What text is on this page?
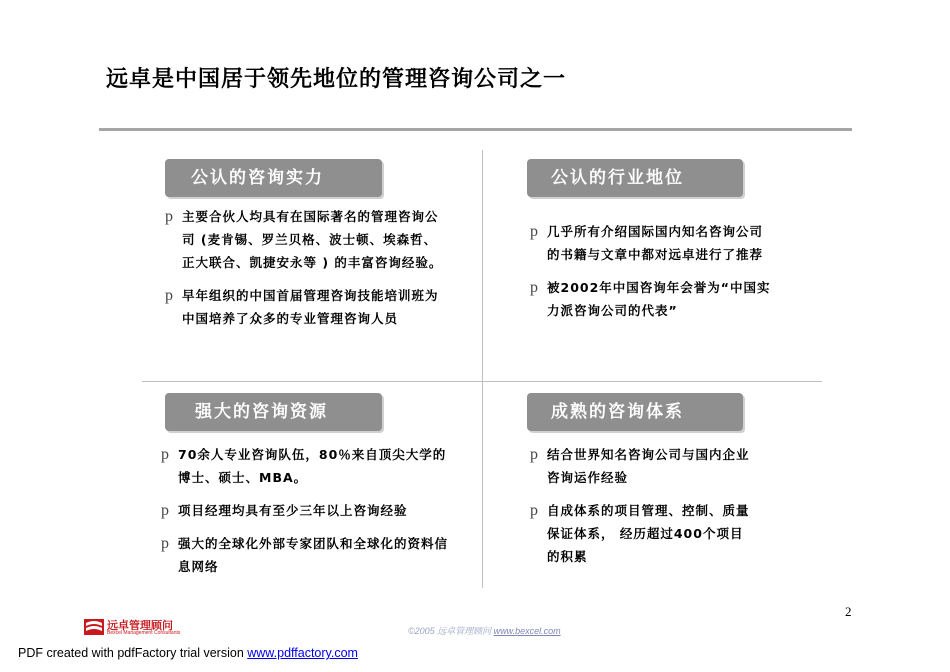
远卓是中国居于领先地位的管理咨询公司之一
公认的咨询实力
p 主要合伙人均具有在国际著名的管理咨询公司 (麦肯锡、罗兰贝格、波士顿、埃森哲、正大联合、凯捷安永等 ) 的丰富咨询经验。
p 早年组织的中国首届管理咨询技能培训班为中国培养了众多的专业管理咨询人员
公认的行业地位
p 几乎所有介绍国际国内知名咨询公司的书籍与文章中都对远卓进行了推荐
p 被2002年中国咨询年会誉为“中国实力派咨询公司的代表”
强大的咨询资源
p 70余人专业咨询队伍，80％来自顶尖大学的博士、硕士、MBA。
p 项目经理均具有至少三年以上咨询经验
p 强大的全球化外部专家团队和全球化的资料信息网络
成熟的咨询体系
p 结合世界知名咨询公司与国内企业咨询运作经验
p 自成体系的项目管理、控制、质量保证体系， 经历超过400个项目的积累
2
远卓管理顾问
Bexcel Management Consultants	©2005 远卓管理顾问 www.bexcel.com
PDF created with pdfFactory trial version www.pdffactory.com
